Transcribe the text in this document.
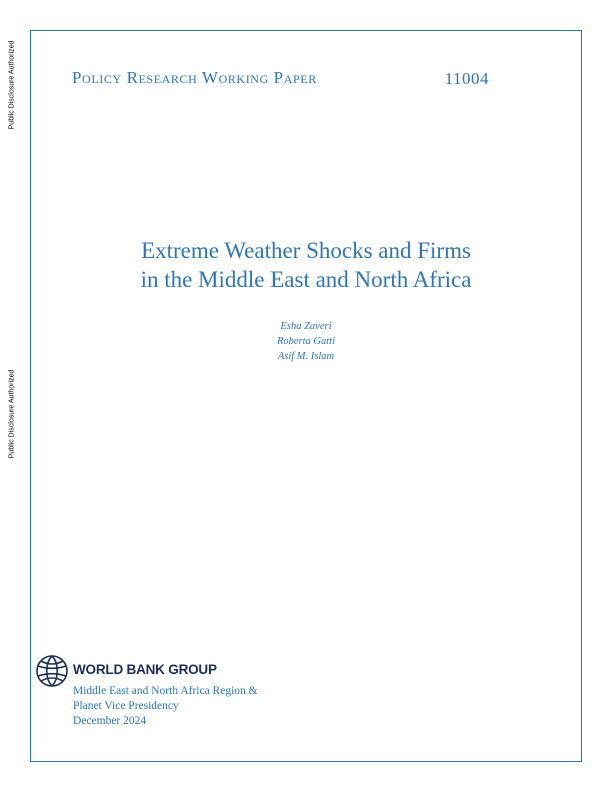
Public Disclosure Authorized
Public Disclosure Authorized
Policy Research Working Paper	11004
Extreme Weather Shocks and Firms
in the Middle East and North Africa
Esha Zaveri
Roberta Gatti
Asif M. Islam
WORLD BANK GROUP
Middle East and North Africa Region &
Planet Vice Presidency
December 2024
